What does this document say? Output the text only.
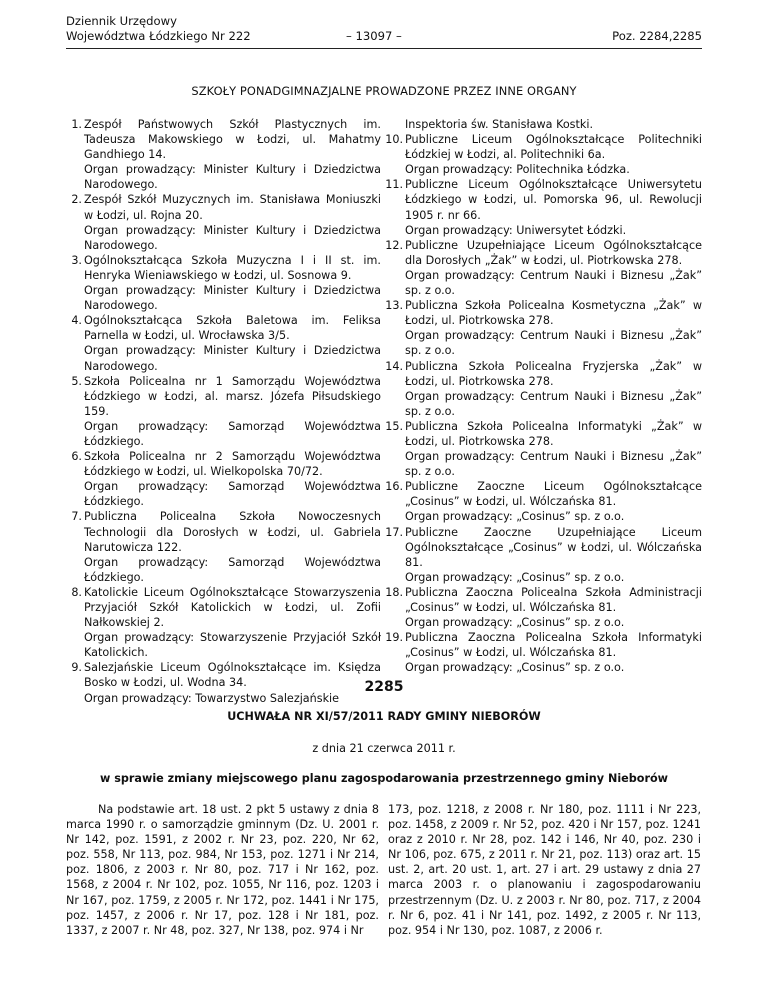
Dziennik Urzędowy
Województwa Łódzkiego Nr 222	– 13097 –	Poz. 2284,2285
SZKOŁY PONADGIMNAZJALNE PROWADZONE PRZEZ INNE ORGANY
1. Zespół Państwowych Szkół Plastycznych im. Tadeusza Makowskiego w Łodzi, ul. Mahatmy Gandhiego 14.
Organ prowadzący: Minister Kultury i Dziedzictwa Narodowego.
2. Zespół Szkół Muzycznych im. Stanisława Moniuszki w Łodzi, ul. Rojna 20.
Organ prowadzący: Minister Kultury i Dziedzictwa Narodowego.
3. Ogólnokształcąca Szkoła Muzyczna I i II st. im. Henryka Wieniawskiego w Łodzi, ul. Sosnowa 9.
Organ prowadzący: Minister Kultury i Dziedzictwa Narodowego.
4. Ogólnokształcąca Szkoła Baletowa im. Feliksa Parnella w Łodzi, ul. Wrocławska 3/5.
Organ prowadzący: Minister Kultury i Dziedzictwa Narodowego.
5. Szkoła Policealna nr 1 Samorządu Województwa Łódzkiego w Łodzi, al. marsz. Józefa Piłsudskiego 159.
Organ prowadzący: Samorząd Województwa Łódzkiego.
6. Szkoła Policealna nr 2 Samorządu Województwa Łódzkiego w Łodzi, ul. Wielkopolska 70/72.
Organ prowadzący: Samorząd Województwa Łódzkiego.
7. Publiczna Policealna Szkoła Nowoczesnych Technologii dla Dorosłych w Łodzi, ul. Gabriela Narutowicza 122.
Organ prowadzący: Samorząd Województwa Łódzkiego.
8. Katolickie Liceum Ogólnokształcące Stowarzyszenia Przyjaciół Szkół Katolickich w Łodzi, ul. Zofii Nałkowskiej 2.
Organ prowadzący: Stowarzyszenie Przyjaciół Szkół Katolickich.
9. Salezjańskie Liceum Ogólnokształcące im. Księdza Bosko w Łodzi, ul. Wodna 34.
Organ prowadzący: Towarzystwo Salezjańskie
Inspektoria św. Stanisława Kostki.
10. Publiczne Liceum Ogólnokształcące Politechniki Łódzkiej w Łodzi, al. Politechniki 6a.
Organ prowadzący: Politechnika Łódzka.
11. Publiczne Liceum Ogólnokształcące Uniwersytetu Łódzkiego w Łodzi, ul. Pomorska 96, ul. Rewolucji 1905 r. nr 66.
Organ prowadzący: Uniwersytet Łódzki.
12. Publiczne Uzupełniające Liceum Ogólnokształcące dla Dorosłych „Żak” w Łodzi, ul. Piotrkowska 278.
Organ prowadzący: Centrum Nauki i Biznesu „Żak” sp. z o.o.
13. Publiczna Szkoła Policealna Kosmetyczna „Żak” w Łodzi, ul. Piotrkowska 278.
Organ prowadzący: Centrum Nauki i Biznesu „Żak” sp. z o.o.
14. Publiczna Szkoła Policealna Fryzjerska „Żak” w Łodzi, ul. Piotrkowska 278.
Organ prowadzący: Centrum Nauki i Biznesu „Żak” sp. z o.o.
15. Publiczna Szkoła Policealna Informatyki „Żak” w Łodzi, ul. Piotrkowska 278.
Organ prowadzący: Centrum Nauki i Biznesu „Żak” sp. z o.o.
16. Publiczne Zaoczne Liceum Ogólnokształcące „Cosinus” w Łodzi, ul. Wólczańska 81.
Organ prowadzący: „Cosinus” sp. z o.o.
17. Publiczne Zaoczne Uzupełniające Liceum Ogólnokształcące „Cosinus” w Łodzi, ul. Wólczańska 81.
Organ prowadzący: „Cosinus” sp. z o.o.
18. Publiczna Zaoczna Policealna Szkoła Administracji „Cosinus” w Łodzi, ul. Wólczańska 81.
Organ prowadzący: „Cosinus” sp. z o.o.
19. Publiczna Zaoczna Policealna Szkoła Informatyki „Cosinus” w Łodzi, ul. Wólczańska 81.
Organ prowadzący: „Cosinus” sp. z o.o.
2285
UCHWAŁA NR XI/57/2011 RADY GMINY NIEBORÓW
z dnia 21 czerwca 2011 r.
w sprawie zmiany miejscowego planu zagospodarowania przestrzennego gminy Nieborów
Na podstawie art. 18 ust. 2 pkt 5 ustawy z dnia 8 marca 1990 r. o samorządzie gminnym (Dz. U. 2001 r. Nr 142, poz. 1591, z 2002 r. Nr 23, poz. 220, Nr 62, poz. 558, Nr 113, poz. 984, Nr 153, poz. 1271 i Nr 214, poz. 1806, z 2003 r. Nr 80, poz. 717 i Nr 162, poz. 1568, z 2004 r. Nr 102, poz. 1055, Nr 116, poz. 1203 i Nr 167, poz. 1759, z 2005 r. Nr 172, poz. 1441 i Nr 175, poz. 1457, z 2006 r. Nr 17, poz. 128 i Nr 181, poz. 1337, z 2007 r. Nr 48, poz. 327, Nr 138, poz. 974 i Nr
173, poz. 1218, z 2008 r. Nr 180, poz. 1111 i Nr 223, poz. 1458, z 2009 r. Nr 52, poz. 420 i Nr 157, poz. 1241 oraz z 2010 r. Nr 28, poz. 142 i 146, Nr 40, poz. 230 i Nr 106, poz. 675, z 2011 r. Nr 21, poz. 113) oraz art. 15 ust. 2, art. 20 ust. 1, art. 27 i art. 29 ustawy z dnia 27 marca 2003 r. o planowaniu i zagospodarowaniu przestrzennym (Dz. U. z 2003 r. Nr 80, poz. 717, z 2004 r. Nr 6, poz. 41 i Nr 141, poz. 1492, z 2005 r. Nr 113, poz. 954 i Nr 130, poz. 1087, z 2006 r.
